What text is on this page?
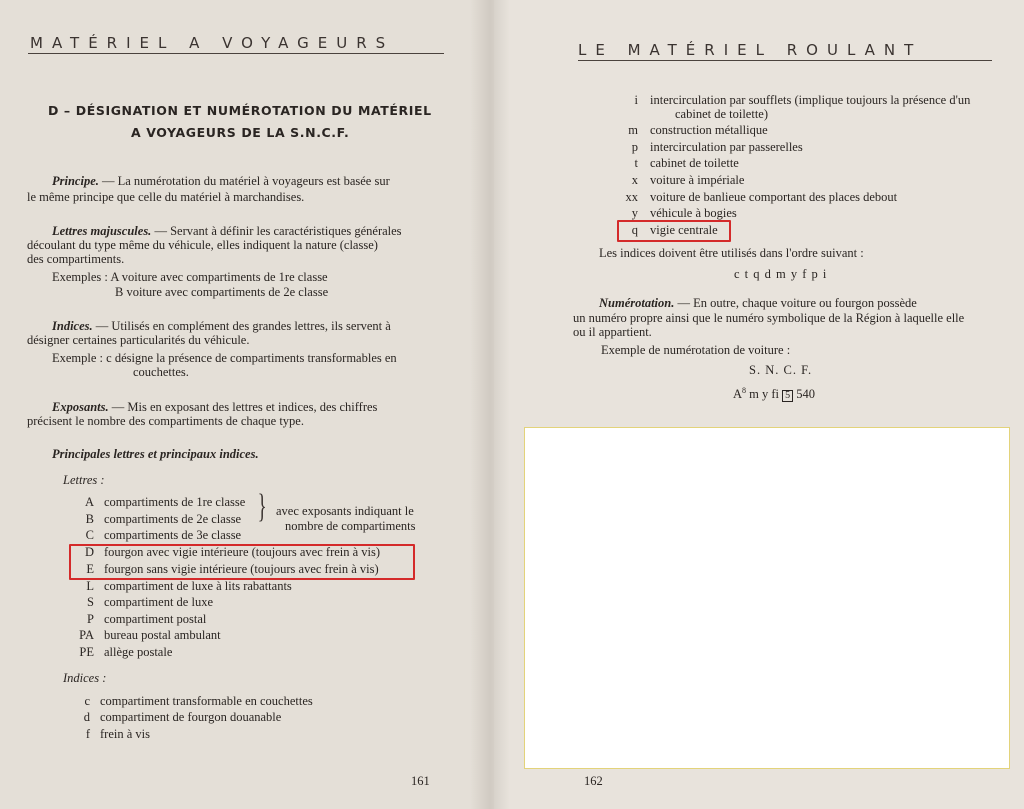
MATÉRIEL A VOYAGEURS
D – DÉSIGNATION ET NUMÉROTATION DU MATÉRIEL
A VOYAGEURS DE LA S.N.C.F.
Principe. — La numérotation du matériel à voyageurs est basée sur
le même principe que celle du matériel à marchandises.
Lettres majuscules. — Servant à définir les caractéristiques générales
découlant du type même du véhicule, elles indiquent la nature (classe)
des compartiments.
Exemples : A voiture avec compartiments de 1re classe
B voiture avec compartiments de 2e classe
Indices. — Utilisés en complément des grandes lettres, ils servent à
désigner certaines particularités du véhicule.
Exemple : c désigne la présence de compartiments transformables en
couchettes.
Exposants. — Mis en exposant des lettres et indices, des chiffres
précisent le nombre des compartiments de chaque type.
Principales lettres et principaux indices.
Lettres :
A compartiments de 1re classe
B compartiments de 2e classe
C compartiments de 3e classe
D fourgon avec vigie intérieure (toujours avec frein à vis)
E fourgon sans vigie intérieure (toujours avec frein à vis)
L compartiment de luxe à lits rabattants
S compartiment de luxe
P compartiment postal
PA bureau postal ambulant
PE allège postale
} avec exposants indiquant le
nombre de compartiments
Indices :
c compartiment transformable en couchettes
d compartiment de fourgon douanable
f frein à vis
161
LE MATÉRIEL ROULANT
i intercirculation par soufflets (implique toujours la présence d'un
cabinet de toilette)
m construction métallique
p intercirculation par passerelles
t cabinet de toilette
x voiture à impériale
xx voiture de banlieue comportant des places debout
y véhicule à bogies
q vigie centrale
Les indices doivent être utilisés dans l'ordre suivant :
c t q d m y f p i
Numérotation. — En outre, chaque voiture ou fourgon possède
un numéro propre ainsi que le numéro symbolique de la Région à laquelle elle
ou il appartient.
Exemple de numérotation de voiture :
S. N. C. F.
$A^8$ m y fi 5 540
162
